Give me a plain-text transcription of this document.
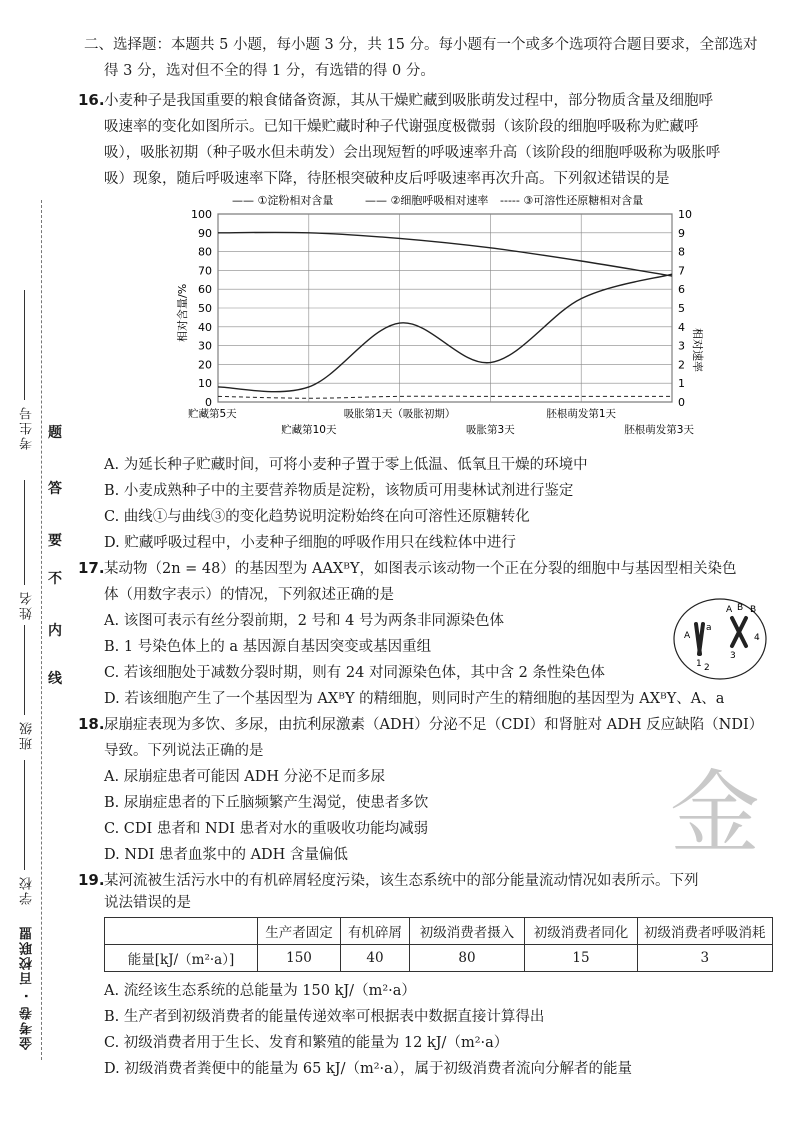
考生号
姓名
班级
学校
金考卷 · 百校联盟
题
答
要
不
内
线
二、选择题：本题共 5 小题，每小题 3 分，共 15 分。每小题有一个或多个选项符合题目要求，全部选对
得 3 分，选对但不全的得 1 分，有选错的得 0 分。
16. 小麦种子是我国重要的粮食储备资源，其从干燥贮藏到吸胀萌发过程中，部分物质含量及细胞呼
吸速率的变化如图所示。已知干燥贮藏时种子代谢强度极微弱（该阶段的细胞呼吸称为贮藏呼
吸），吸胀初期（种子吸水但未萌发）会出现短暂的呼吸速率升高（该阶段的细胞呼吸称为吸胀呼
吸）现象，随后呼吸速率下降，待胚根突破种皮后呼吸速率再次升高。下列叙述错误的是
—— ①淀粉相对含量	—— ②细胞呼吸相对速率 ----- ③可溶性还原糖相对含量
0
10
20
30
40
50
60
70
80
90
100
0
1
2
3
4
5
6
7
8
9
10
贮藏第5天
贮藏第10天
吸胀第1天（吸胀初期）
吸胀第3天
胚根萌发第1天
胚根萌发第3天
相对含量/%
相对速率
A. 为延长种子贮藏时间，可将小麦种子置于零上低温、低氧且干燥的环境中
B. 小麦成熟种子中的主要营养物质是淀粉，该物质可用斐林试剂进行鉴定
C. 曲线①与曲线③的变化趋势说明淀粉始终在向可溶性还原糖转化
D. 贮藏呼吸过程中，小麦种子细胞的呼吸作用只在线粒体中进行
17. 某动物（2n = 48）的基因型为 AAXᴮY，如图表示该动物一个正在分裂的细胞中与基因型相关染色
体（用数字表示）的情况，下列叙述正确的是
A. 该图可表示有丝分裂前期，2 号和 4 号为两条非同源染色体
B. 1 号染色体上的 a 基因源自基因突变或基因重组
C. 若该细胞处于减数分裂时期，则有 24 对同源染色体，其中含 2 条性染色体
D. 若该细胞产生了一个基因型为 AXᴮY 的精细胞，则同时产生的精细胞的基因型为 AXᴮY、A、a
A
a
A B B
1 2
3
4
18. 尿崩症表现为多饮、多尿，由抗利尿激素（ADH）分泌不足（CDI）和肾脏对 ADH 反应缺陷（NDI）
导致。下列说法正确的是
A. 尿崩症患者可能因 ADH 分泌不足而多尿
B. 尿崩症患者的下丘脑频繁产生渴觉，使患者多饮
C. CDI 患者和 NDI 患者对水的重吸收功能均减弱
D. NDI 患者血浆中的 ADH 含量偏低	金
19. 某河流被生活污水中的有机碎屑轻度污染，该生态系统中的部分能量流动情况如表所示。下列
说法错误的是
	生产者固定	有机碎屑	初级消费者摄入	初级消费者同化	初级消费者呼吸消耗
能量[kJ/（m²·a）]	150	40	80	15	3
A. 流经该生态系统的总能量为 150 kJ/（m²·a）
B. 生产者到初级消费者的能量传递效率可根据表中数据直接计算得出
C. 初级消费者用于生长、发育和繁殖的能量为 12 kJ/（m²·a）
D. 初级消费者粪便中的能量为 65 kJ/（m²·a），属于初级消费者流向分解者的能量
